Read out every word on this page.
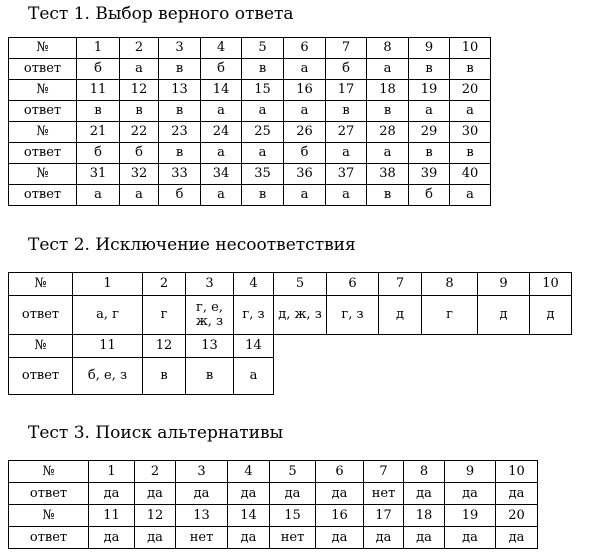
Тест 1. Выбор верного ответа
№	1	2	3	4	5	6	7	8	9	10
ответ	б	а	в	б	в	а	б	а	в	в
№	11	12	13	14	15	16	17	18	19	20
ответ	в	в	в	а	а	а	в	в	а	а
№	21	22	23	24	25	26	27	28	29	30
ответ	б	б	в	а	а	б	а	а	в	в
№	31	32	33	34	35	36	37	38	39	40
ответ	а	а	б	а	в	а	а	в	б	а
Тест 2. Исключение несоответствия
№	1	2	3	4	5	6	7	8	9	10
ответ	а, г	г	г, е, ж, з	г, з	д, ж, з	г, з	д	г	д	д
№	11	12	13	14						
ответ	б, е, з	в	в	а						
Тест 3. Поиск альтернативы
№	1	2	3	4	5	6	7	8	9	10
ответ	да	да	да	да	да	да	нет	да	да	да
№	11	12	13	14	15	16	17	18	19	20
ответ	да	да	нет	да	нет	да	да	да	да	да
